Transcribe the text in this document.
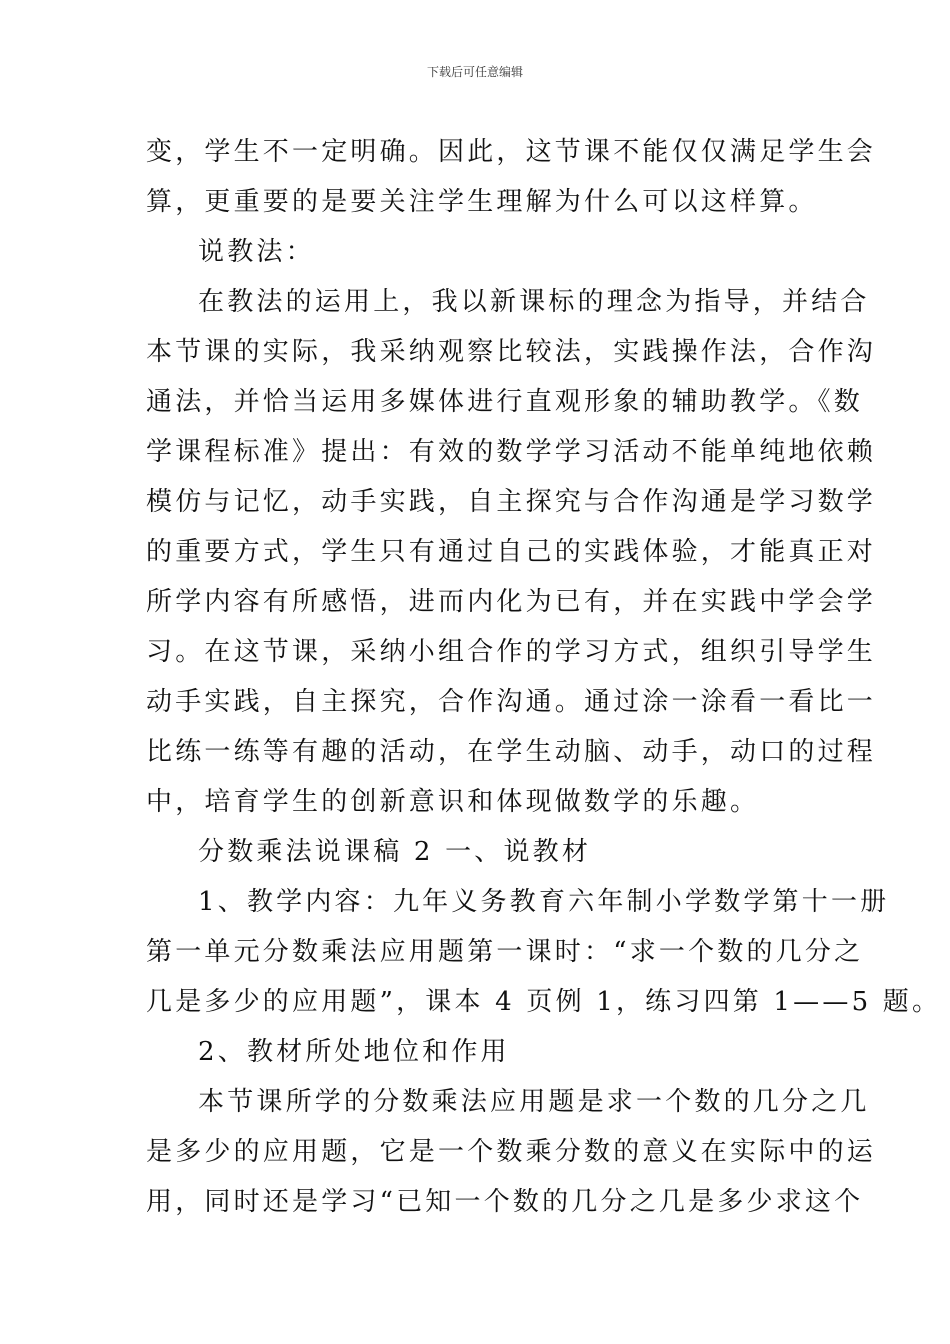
下载后可任意编辑
变，学生不一定明确。因此，这节课不能仅仅满足学生会
算，更重要的是要关注学生理解为什么可以这样算。
说教法：
在教法的运用上，我以新课标的理念为指导，并结合
本节课的实际，我采纳观察比较法，实践操作法，合作沟
通法，并恰当运用多媒体进行直观形象的辅助教学。《数
学课程标准》提出：有效的数学学习活动不能单纯地依赖
模仿与记忆，动手实践，自主探究与合作沟通是学习数学
的重要方式，学生只有通过自己的实践体验，才能真正对
所学内容有所感悟，进而内化为已有，并在实践中学会学
习。在这节课，采纳小组合作的学习方式，组织引导学生
动手实践，自主探究，合作沟通。通过涂一涂看一看比一
比练一练等有趣的活动，在学生动脑、动手，动口的过程
中，培育学生的创新意识和体现做数学的乐趣。
分数乘法说课稿 2 一、说教材
1、教学内容：九年义务教育六年制小学数学第十一册
第一单元分数乘法应用题第一课时：“求一个数的几分之
几是多少的应用题”，课本 4 页例 1，练习四第 1——5 题。
2、教材所处地位和作用
本节课所学的分数乘法应用题是求一个数的几分之几
是多少的应用题，它是一个数乘分数的意义在实际中的运
用，同时还是学习“已知一个数的几分之几是多少求这个
